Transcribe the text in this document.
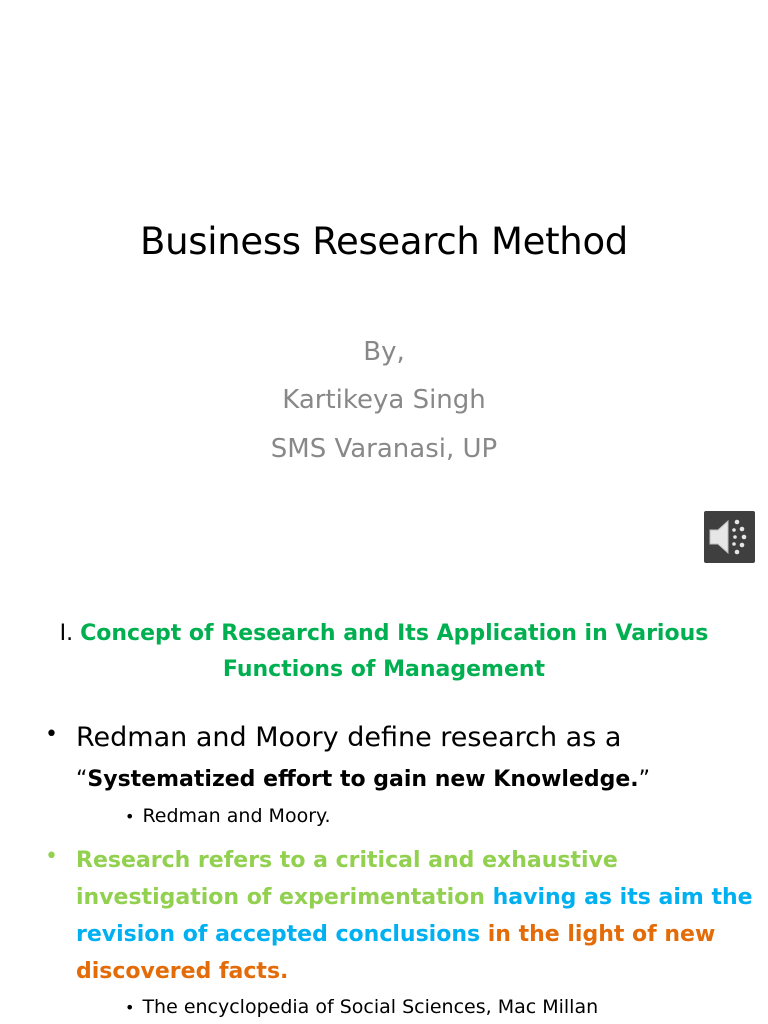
Business Research Method
By,
Kartikeya Singh
SMS Varanasi, UP
I. Concept of Research and Its Application in Various
Functions of Management
• Redman and Moory define research as a
“Systematized effort to gain new Knowledge.”
• Redman and Moory.
• Research refers to a critical and exhaustive investigation of experimentation having as its aim the revision of accepted conclusions in the light of new discovered facts.
• The encyclopedia of Social Sciences, Mac Millan
